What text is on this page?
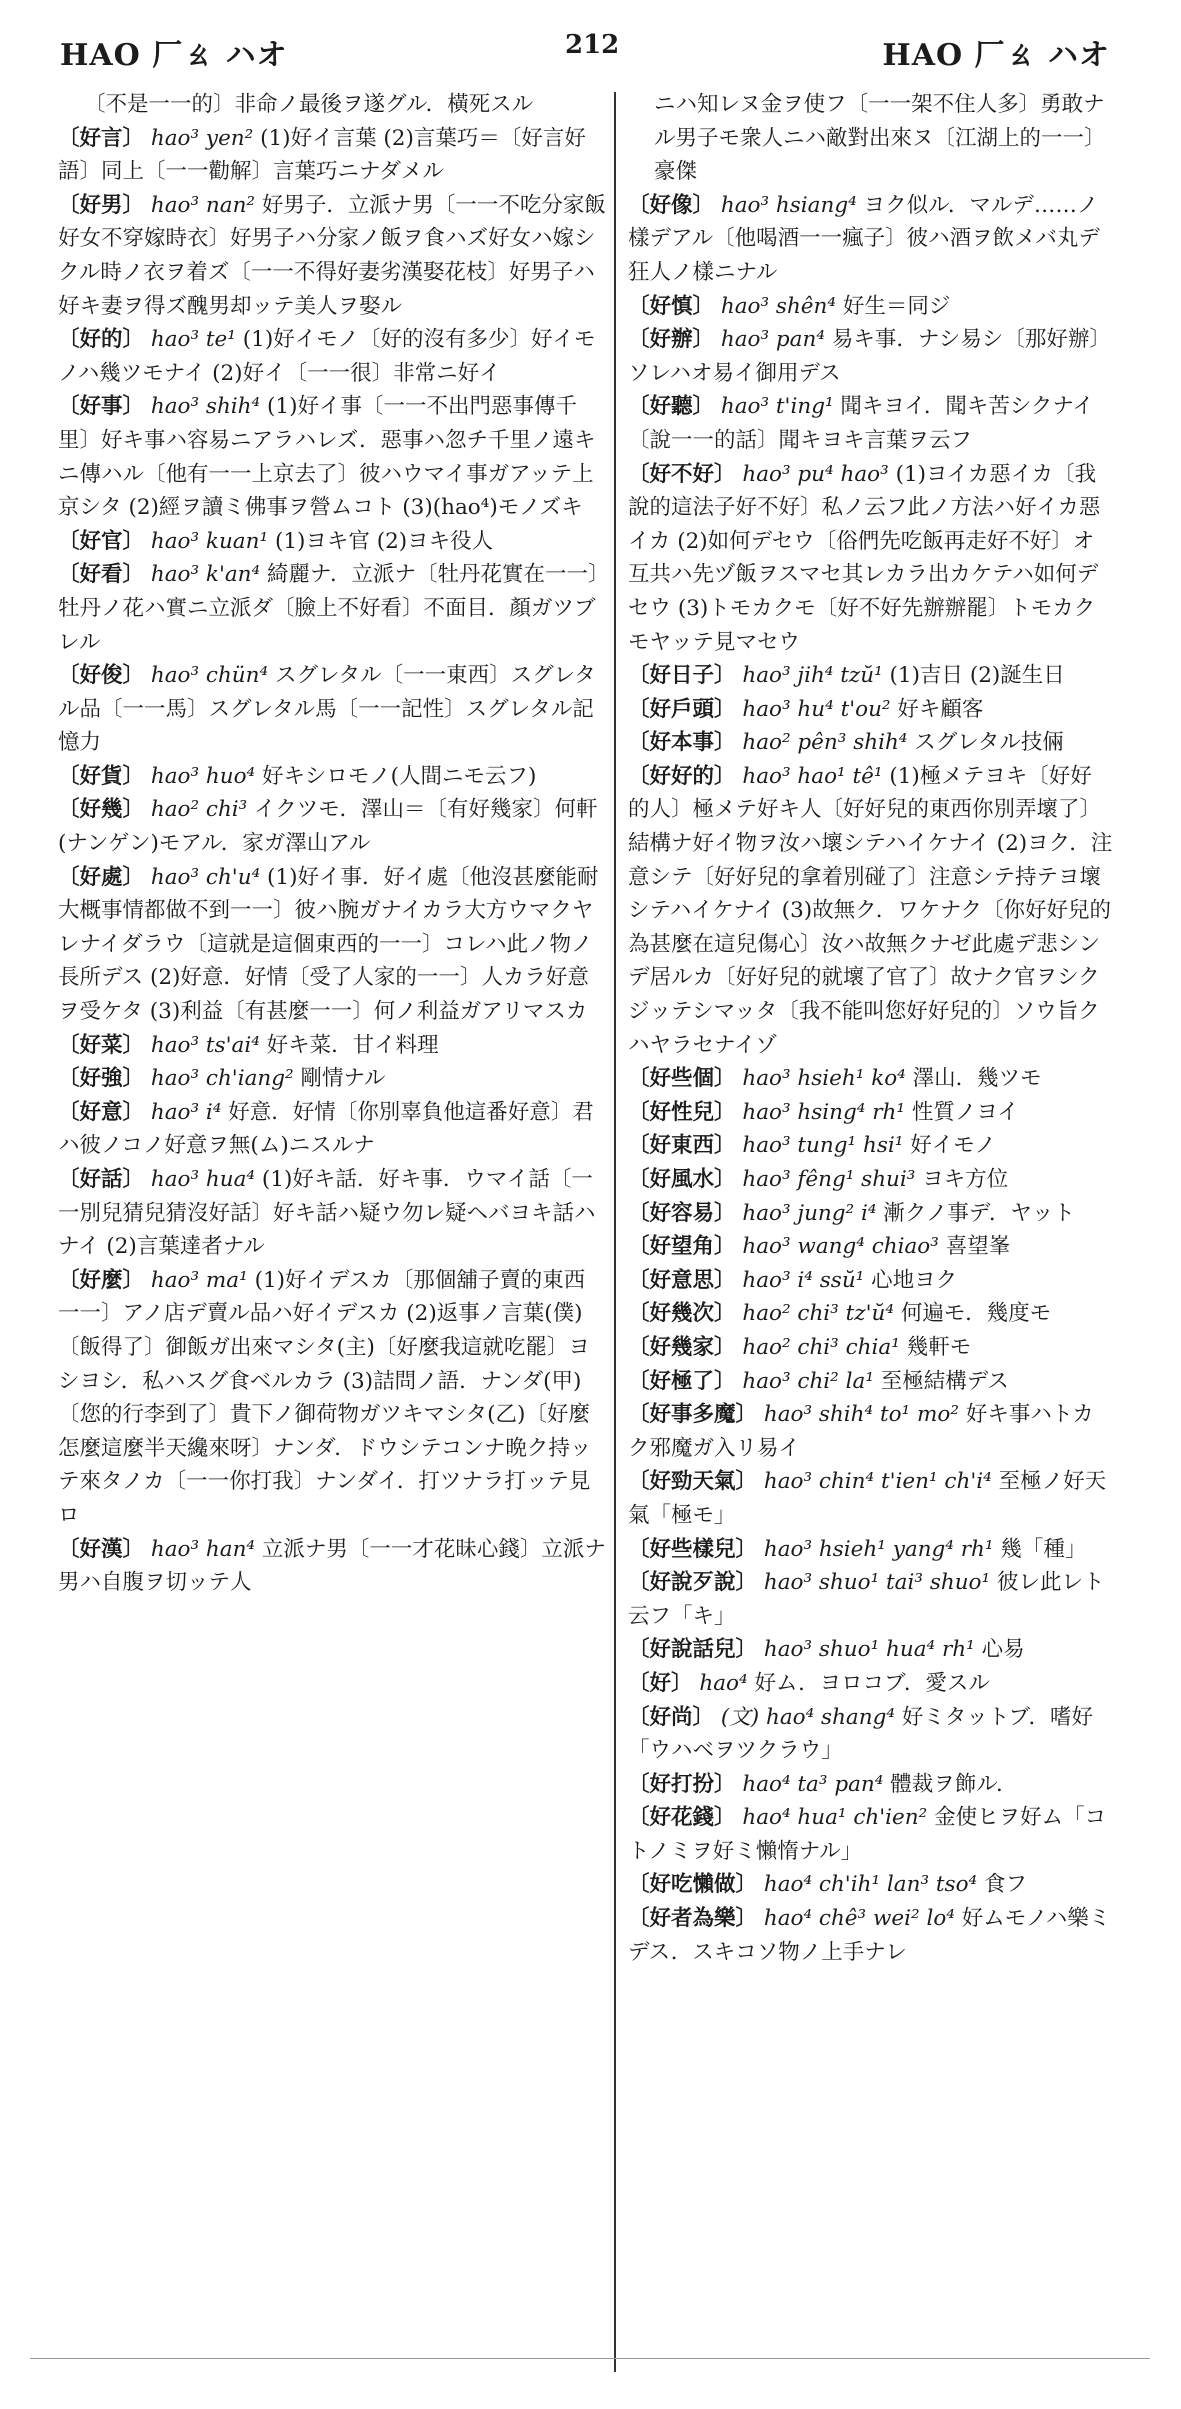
HAO 厂ㄠ ハオ	212	HAO 厂ㄠ ハオ

〔不是一一的〕非命ノ最後ヲ遂グル．橫死スル

〔好言〕 hao³ yen² (1)好イ言葉 (2)言葉巧＝〔好言好語〕同上〔一一勸解〕言葉巧ニナダメル

〔好男〕 hao³ nan² 好男子．立派ナ男〔一一不吃分家飯好女不穿嫁時衣〕好男子ハ分家ノ飯ヲ食ハズ好女ハ嫁シクル時ノ衣ヲ着ズ〔一一不得好妻劣漢娶花枝〕好男子ハ好キ妻ヲ得ズ醜男却ッテ美人ヲ娶ル

〔好的〕 hao³ te¹ (1)好イモノ〔好的沒有多少〕好イモノハ幾ツモナイ (2)好イ〔一一很〕非常ニ好イ

〔好事〕 hao³ shih⁴ (1)好イ事〔一一不出門惡事傳千里〕好キ事ハ容易ニアラハレズ．惡事ハ忽チ千里ノ遠キニ傳ハル〔他有一一上京去了〕彼ハウマイ事ガアッテ上京シタ (2)經ヲ讀ミ佛事ヲ營ムコト (3)(hao⁴)モノズキ

〔好官〕 hao³ kuan¹ (1)ヨキ官 (2)ヨキ役人

〔好看〕 hao³ k'an⁴ 綺麗ナ．立派ナ〔牡丹花實在一一〕牡丹ノ花ハ實ニ立派ダ〔臉上不好看〕不面目．顏ガツブレル

〔好俊〕 hao³ chün⁴ スグレタル〔一一東西〕スグレタル品〔一一馬〕スグレタル馬〔一一記性〕スグレタル記憶力

〔好貨〕 hao³ huo⁴ 好キシロモノ(人間ニモ云フ)

〔好幾〕 hao² chi³ イクツモ．澤山＝〔有好幾家〕何軒(ナンゲン)モアル．家ガ澤山アル

〔好處〕 hao³ ch'u⁴ (1)好イ事．好イ處〔他沒甚麼能耐大概事情都做不到一一〕彼ハ腕ガナイカラ大方ウマクヤレナイダラウ〔這就是這個東西的一一〕コレハ此ノ物ノ長所デス (2)好意．好情〔受了人家的一一〕人カラ好意ヲ受ケタ (3)利益〔有甚麼一一〕何ノ利益ガアリマスカ

〔好菜〕 hao³ ts'ai⁴ 好キ菜．甘イ料理

〔好強〕 hao³ ch'iang² 剛情ナル

〔好意〕 hao³ i⁴ 好意．好情〔你別辜負他這番好意〕君ハ彼ノコノ好意ヲ無(ム)ニスルナ

〔好話〕 hao³ hua⁴ (1)好キ話．好キ事．ウマイ話〔一一別兒猜兒猜沒好話〕好キ話ハ疑ウ勿レ疑ヘバヨキ話ハナイ (2)言葉達者ナル

〔好麼〕 hao³ ma¹ (1)好イデスカ〔那個舖子賣的東西一一〕アノ店デ賣ル品ハ好イデスカ (2)返事ノ言葉(僕)〔飯得了〕御飯ガ出來マシタ(主)〔好麼我這就吃罷〕ヨシヨシ．私ハスグ食ベルカラ (3)詰問ノ語．ナンダ(甲)〔您的行李到了〕貴下ノ御荷物ガツキマシタ(乙)〔好麼怎麼這麼半天纔來呀〕ナンダ．ドウシテコンナ晩ク持ッテ來タノカ〔一一你打我〕ナンダイ．打ツナラ打ッテ見ロ

〔好漢〕 hao³ han⁴ 立派ナ男〔一一才花昧心錢〕立派ナ男ハ自腹ヲ切ッテ人

ニハ知レヌ金ヲ使フ〔一一架不住人多〕勇敢ナル男子モ衆人ニハ敵對出來ヌ〔江湖上的一一〕豪傑

〔好像〕 hao³ hsiang⁴ ヨク似ル．マルデ……ノ樣デアル〔他喝酒一一瘋子〕彼ハ酒ヲ飲メバ丸デ狂人ノ樣ニナル

〔好慎〕 hao³ shên⁴ 好生＝同ジ

〔好辦〕 hao³ pan⁴ 易キ事．ナシ易シ〔那好辦〕ソレハオ易イ御用デス

〔好聽〕 hao³ t'ing¹ 聞キヨイ．聞キ苦シクナイ〔說一一的話〕聞キヨキ言葉ヲ云フ

〔好不好〕 hao³ pu⁴ hao³ (1)ヨイカ惡イカ〔我說的這法子好不好〕私ノ云フ此ノ方法ハ好イカ惡イカ (2)如何デセウ〔俗們先吃飯再走好不好〕オ互共ハ先ヅ飯ヲスマセ其レカラ出カケテハ如何デセウ (3)トモカクモ〔好不好先辦辦罷〕トモカクモヤッテ見マセウ

〔好日子〕 hao³ jih⁴ tzŭ¹ (1)吉日 (2)誕生日

〔好戶頭〕 hao³ hu⁴ t'ou² 好キ顧客

〔好本事〕 hao² pên³ shih⁴ スグレタル技倆

〔好好的〕 hao³ hao¹ tê¹ (1)極メテヨキ〔好好的人〕極メテ好キ人〔好好兒的東西你別弄壞了〕結構ナ好イ物ヲ汝ハ壞シテハイケナイ (2)ヨク．注意シテ〔好好兒的拿着別碰了〕注意シテ持テヨ壞シテハイケナイ (3)故無ク．ワケナク〔你好好兒的為甚麼在這兒傷心〕汝ハ故無クナゼ此處デ悲シンデ居ルカ〔好好兒的就壞了官了〕故ナク官ヲシクジッテシマッタ〔我不能叫您好好兒的〕ソウ旨クハヤラセナイゾ

〔好些個〕 hao³ hsieh¹ ko⁴ 澤山．幾ツモ

〔好性兒〕 hao³ hsing⁴ rh¹ 性質ノヨイ

〔好東西〕 hao³ tung¹ hsi¹ 好イモノ

〔好風水〕 hao³ fêng¹ shui³ ヨキ方位

〔好容易〕 hao³ jung² i⁴ 漸クノ事デ．ヤット

〔好望角〕 hao³ wang⁴ chiao³ 喜望峯

〔好意思〕 hao³ i⁴ ssŭ¹ 心地ヨク

〔好幾次〕 hao² chi³ tz'ŭ⁴ 何遍モ．幾度モ

〔好幾家〕 hao² chi³ chia¹ 幾軒モ

〔好極了〕 hao³ chi² la¹ 至極結構デス

〔好事多魔〕 hao³ shih⁴ to¹ mo² 好キ事ハトカク邪魔ガ入リ易イ

〔好勁天氣〕 hao³ chin⁴ t'ien¹ ch'i⁴ 至極ノ好天氣「極モ」

〔好些樣兒〕 hao³ hsieh¹ yang⁴ rh¹ 幾「種」

〔好說歹說〕 hao³ shuo¹ tai³ shuo¹ 彼レ此レト云フ「キ」

〔好說話兒〕 hao³ shuo¹ hua⁴ rh¹ 心易

〔好〕 hao⁴ 好ム．ヨロコブ．愛スル

〔好尚〕 (文) hao⁴ shang⁴ 好ミタットブ．嗜好「ウハベヲツクラウ」

〔好打扮〕 hao⁴ ta³ pan⁴ 體裁ヲ飾ル．

〔好花錢〕 hao⁴ hua¹ ch'ien² 金使ヒヲ好ム「コトノミヲ好ミ懶惰ナル」

〔好吃懶做〕 hao⁴ ch'ih¹ lan³ tso⁴ 食フ

〔好者為樂〕 hao⁴ chê³ wei² lo⁴ 好ムモノハ樂ミデス．スキコソ物ノ上手ナレ
